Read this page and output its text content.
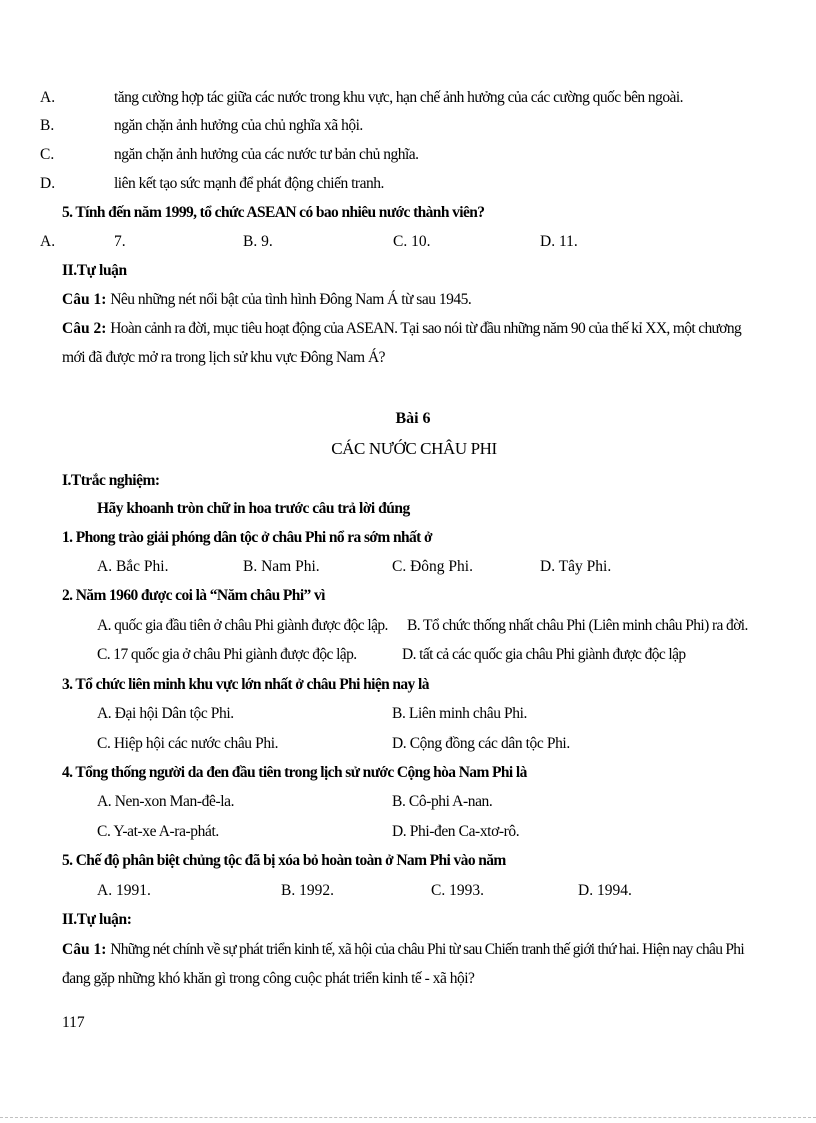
A.	tăng cường hợp tác giữa các nước trong khu vực, hạn chế ảnh hưởng của các cường quốc bên ngoài.
B.	ngăn chặn ảnh hưởng của chủ nghĩa xã hội.
C.	ngăn chặn ảnh hưởng của các nước tư bản chủ nghĩa.
D.	liên kết tạo sức mạnh để phát động chiến tranh.
5. Tính đến năm 1999, tổ chức ASEAN có bao nhiêu nước thành viên?
A.	7.	B. 9.	C. 10.	D. 11.
II.Tự luận
Câu 1: Nêu những nét nổi bật của tình hình Đông Nam Á từ sau 1945.
Câu 2: Hoàn cảnh ra đời, mục tiêu hoạt động của ASEAN. Tại sao nói từ đầu những năm 90 của thế kỉ XX, một chương
mới đã được mở ra trong lịch sử khu vực Đông Nam Á?
Bài 6
CÁC NƯỚC CHÂU PHI
I.Ttrắc nghiệm:
Hãy khoanh tròn chữ in hoa trước câu trả lời đúng
1. Phong trào giải phóng dân tộc ở châu Phi nổ ra sớm nhất ở
A. Bắc Phi.	B. Nam Phi.	C. Đông Phi.	D. Tây Phi.
2. Năm 1960 được coi là “Năm châu Phi” vì
A. quốc gia đầu tiên ở châu Phi giành được độc lập. B. Tổ chức thống nhất châu Phi (Liên minh châu Phi) ra đời.
C. 17 quốc gia ở châu Phi giành được độc lập.	D. tất cả các quốc gia châu Phi giành được độc lập
3. Tổ chức liên minh khu vực lớn nhất ở châu Phi hiện nay là
A. Đại hội Dân tộc Phi.	B. Liên minh châu Phi.
C. Hiệp hội các nước châu Phi.	D. Cộng đồng các dân tộc Phi.
4. Tổng thống người da đen đầu tiên trong lịch sử nước Cộng hòa Nam Phi là
A. Nen-xon Man-đê-la.	B. Cô-phi A-nan.
C. Y-at-xe A-ra-phát.	D. Phi-đen Ca-xtơ-rô.
5. Chế độ phân biệt chủng tộc đã bị xóa bỏ hoàn toàn ở Nam Phi vào năm
A. 1991.	B. 1992.	C. 1993.	D. 1994.
II.Tự luận:
Câu 1: Những nét chính về sự phát triển kinh tế, xã hội của châu Phi từ sau Chiến tranh thế giới thứ hai. Hiện nay châu Phi
đang gặp những khó khăn gì trong công cuộc phát triển kinh tế - xã hội?
117
